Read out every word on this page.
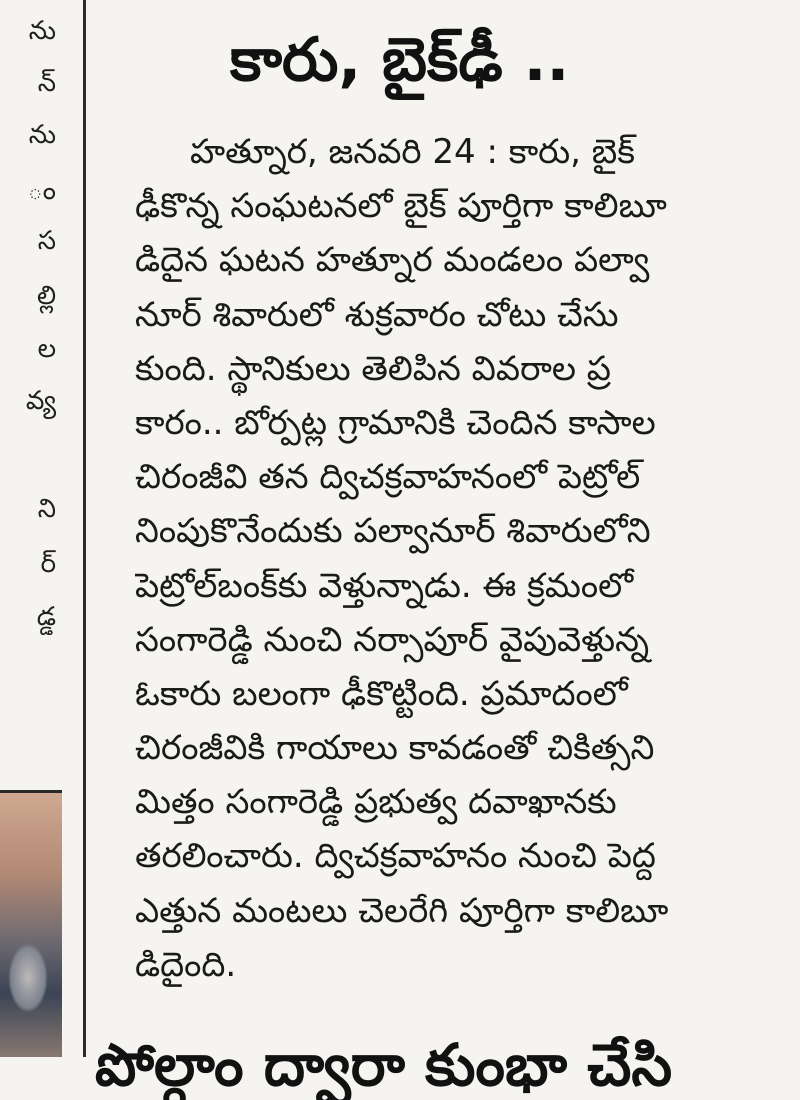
ను
న్
ను
ం
స
ల్లి
ల
వ్య
ని
ర్
డ్డ
కారు, బైక్‌ఢీ ..
హత్నూర, జనవరి 24 : కారు, బైక్
ఢీకొన్న సంఘటనలో బైక్ పూర్తిగా కాలిబూ
డిదైన ఘటన హత్నూర మండలం పల్వా
నూర్ శివారులో శుక్రవారం చోటు చేసు
కుంది. స్థానికులు తెలిపిన వివరాల ప్ర
కారం.. బోర్పట్ల గ్రామానికి చెందిన కాసాల
చిరంజీవి తన ద్విచక్రవాహనంలో పెట్రోల్
నింపుకొనేందుకు పల్వానూర్ శివారులోని
పెట్రోల్‌బంక్‌కు వెళ్తున్నాడు. ఈ క్రమంలో
సంగారెడ్డి నుంచి నర్సాపూర్ వైపువెళ్తున్న
ఓకారు బలంగా ఢీకొట్టింది. ప్రమాదంలో
చిరంజీవికి గాయాలు కావడంతో చికిత్సని
మిత్తం సంగారెడ్డి ప్రభుత్వ దవాఖానకు
తరలించారు. ద్విచక్రవాహనం నుంచి పెద్ద
ఎత్తున మంటలు చెలరేగి పూర్తిగా కాలిబూ
డిదైంది.
పోల్గాం ద్వారా కుంభా చేసి
